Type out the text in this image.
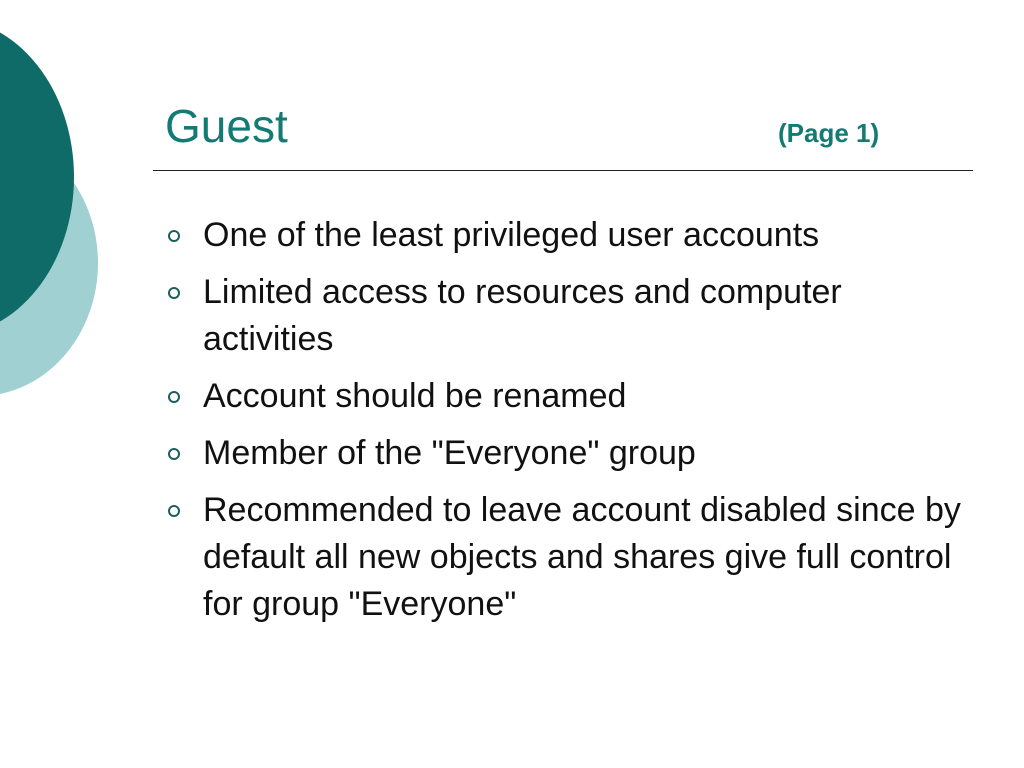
Guest	(Page 1)
One of the least privileged user accounts
Limited access to resources and computer activities
Account should be renamed
Member of the "Everyone" group
Recommended to leave account disabled since by default all new objects and shares give full control for group "Everyone"
